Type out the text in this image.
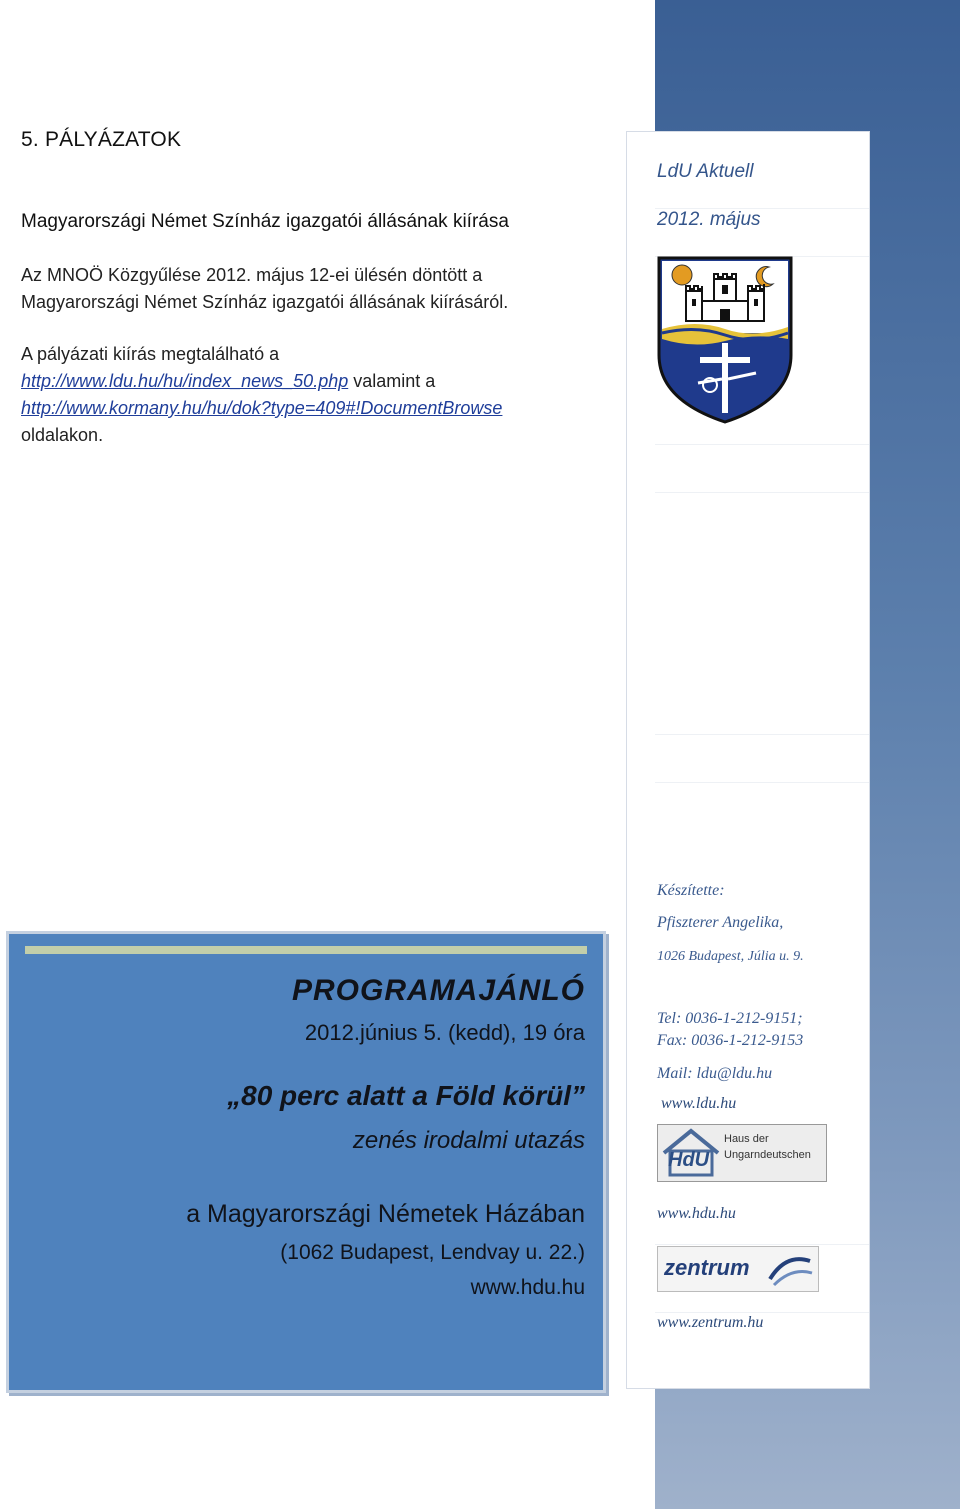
5. PÁLYÁZATOK

Magyarországi Német Színház igazgatói állásának kiírása

Az MNOÖ Közgyűlése 2012. május 12-ei ülésén döntött a

Magyarországi Német Színház igazgatói állásának kiírásáról.

A pályázati kiírás megtalálható a

http://www.ldu.hu/hu/index_news_50.php valamint a

http://www.kormany.hu/hu/dok?type=409#!DocumentBrowse

oldalakon.

LdU Aktuell

2012. május

Készítette:

Pfiszterer Angelika,

1026 Budapest, Júlia u. 9.

Tel: 0036-1-212-9151;

Fax: 0036-1-212-9153

Mail: ldu@ldu.hu

www.ldu.hu

HdU
Haus der
Ungarndeutschen

www.hdu.hu

zentrum

www.zentrum.hu

PROGRAMAJÁNLÓ

2012.június 5. (kedd), 19 óra

„80 perc alatt a Föld körül”

zenés irodalmi utazás

a Magyarországi Németek Házában

(1062 Budapest, Lendvay u. 22.)

www.hdu.hu
